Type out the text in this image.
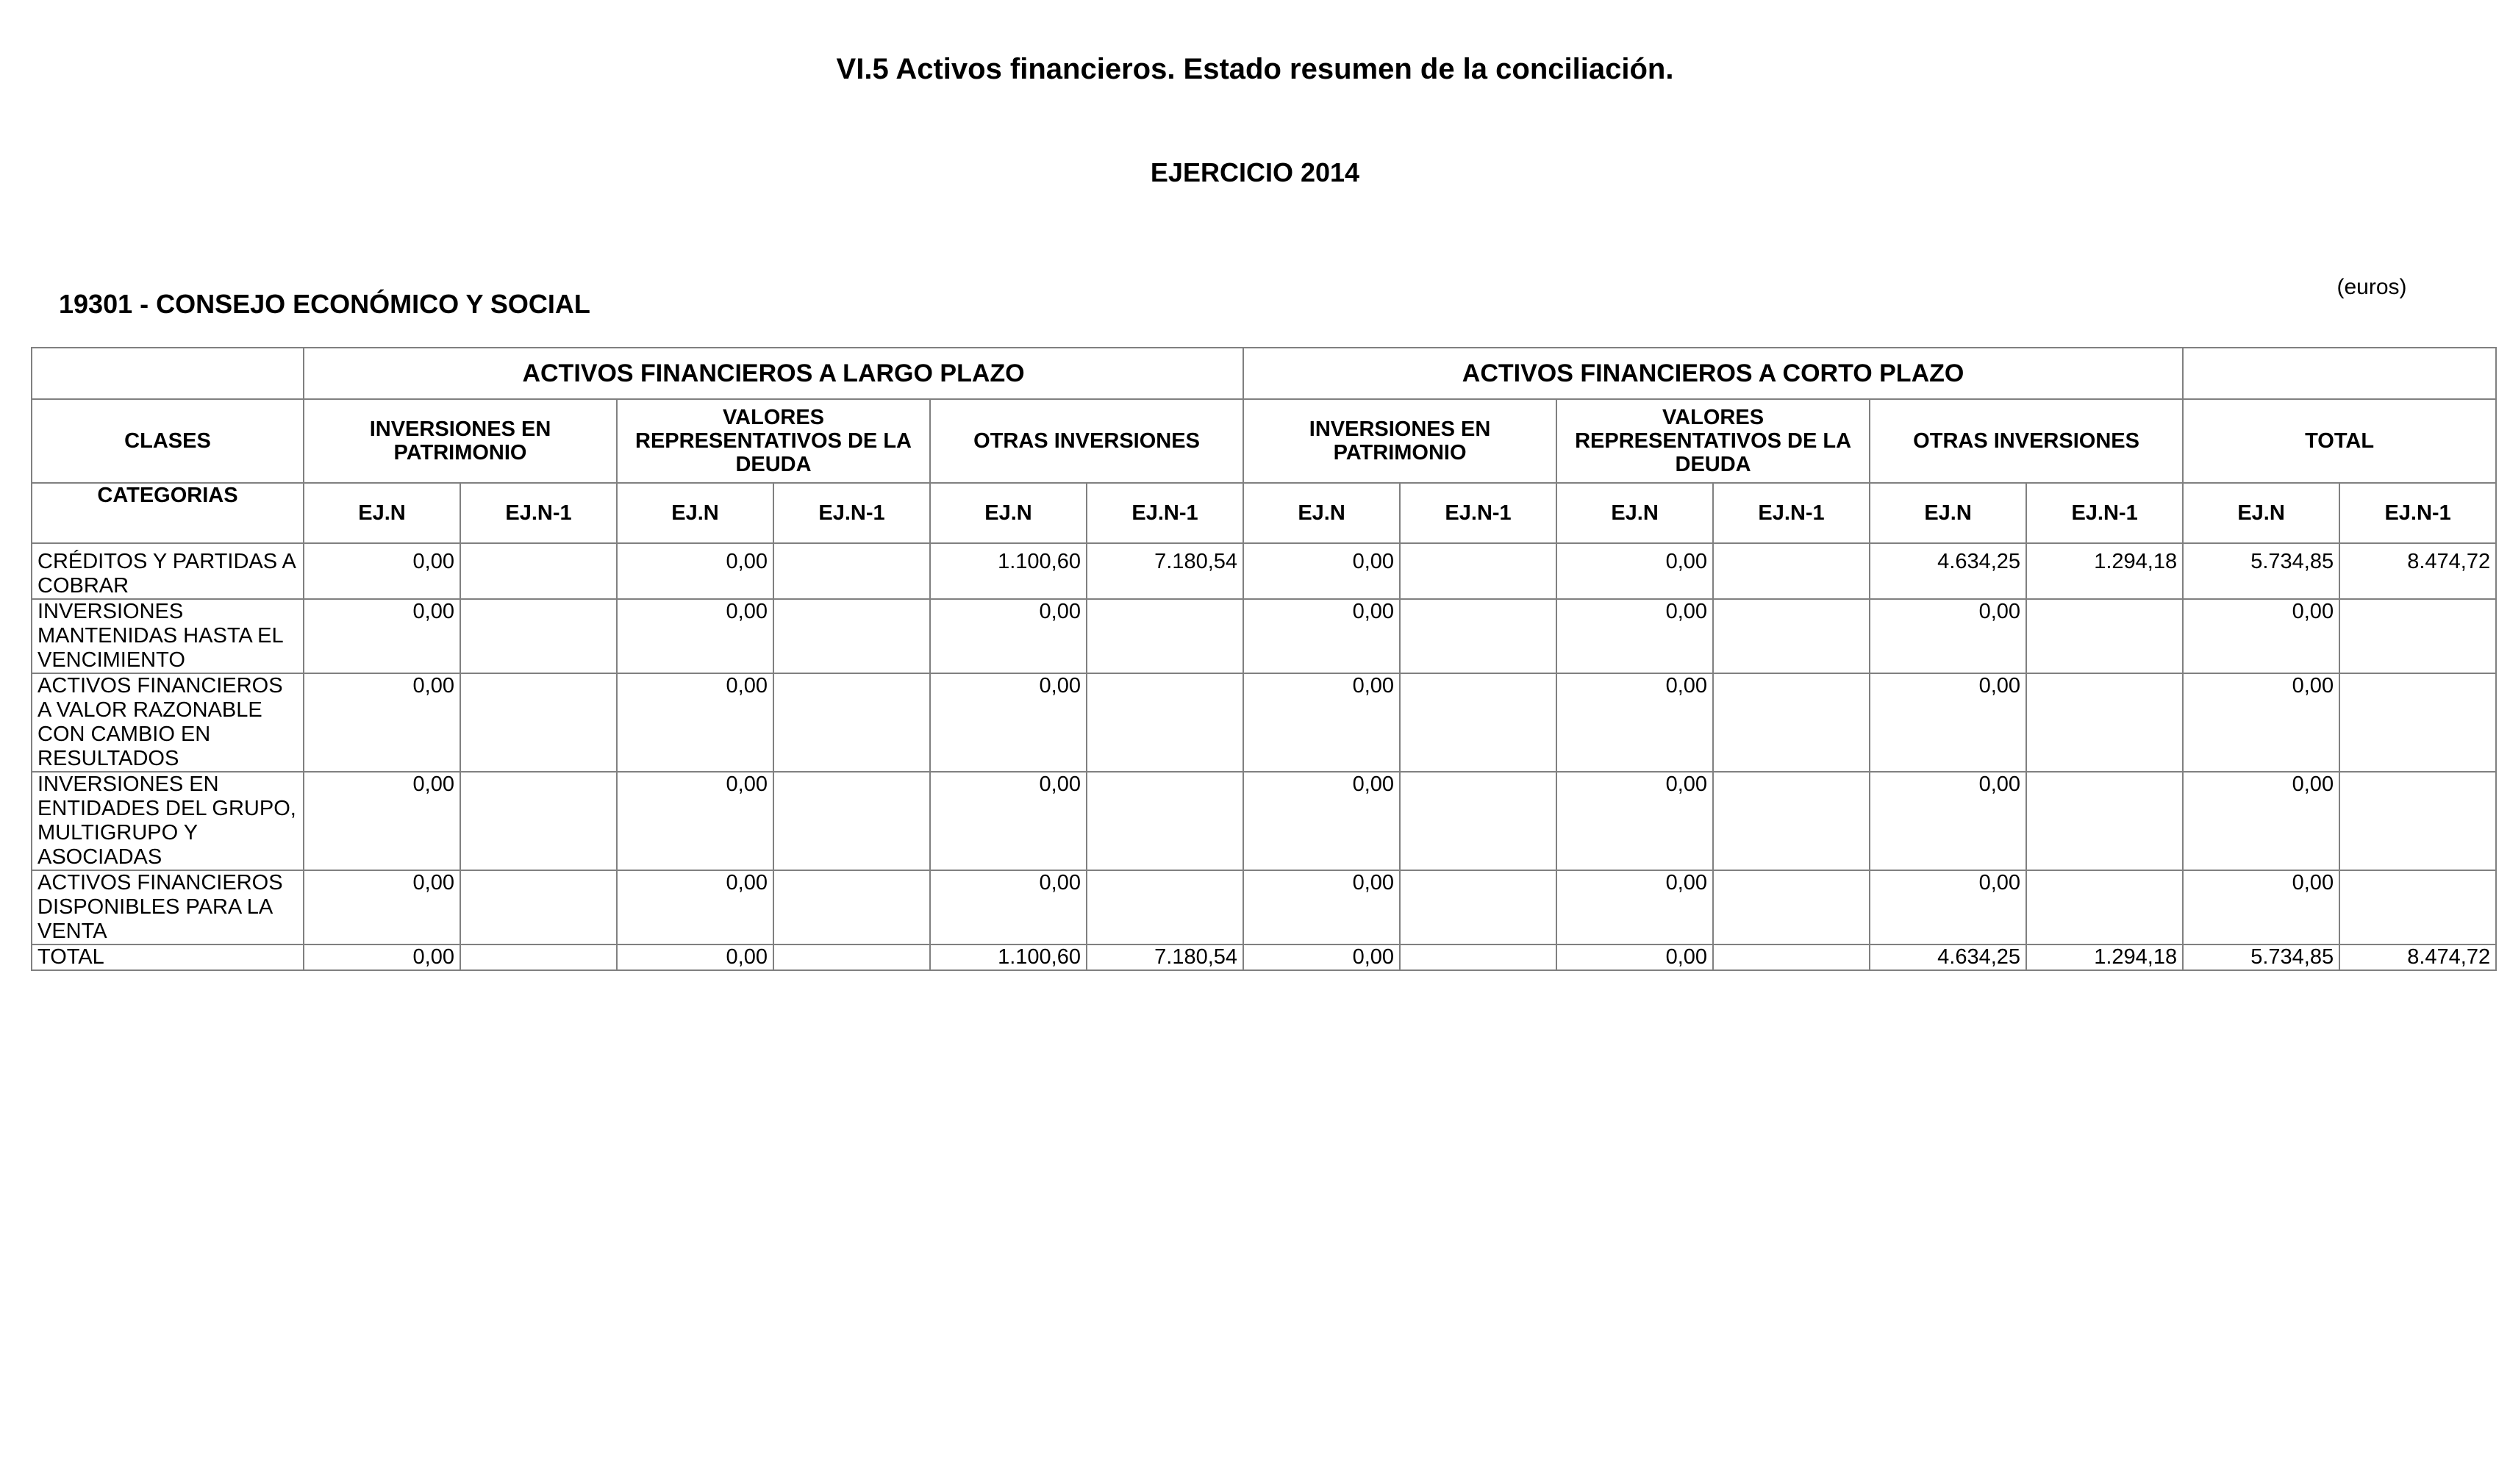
VI.5 Activos financieros. Estado resumen de la conciliación.
EJERCICIO 2014
19301 - CONSEJO ECONÓMICO Y SOCIAL
(euros)
	ACTIVOS FINANCIEROS A LARGO PLAZO						ACTIVOS FINANCIEROS A CORTO PLAZO							
CLASES	INVERSIONES EN PATRIMONIO		VALORES REPRESENTATIVOS DE LA DEUDA		OTRAS INVERSIONES		INVERSIONES EN PATRIMONIO		VALORES REPRESENTATIVOS DE LA DEUDA		OTRAS INVERSIONES		TOTAL	
CATEGORIAS	EJ.N	EJ.N-1	EJ.N	EJ.N-1	EJ.N	EJ.N-1	EJ.N	EJ.N-1	EJ.N	EJ.N-1	EJ.N	EJ.N-1	EJ.N	EJ.N-1
CRÉDITOS Y PARTIDAS A COBRAR	0,00		0,00		1.100,60	7.180,54	0,00		0,00		4.634,25	1.294,18	5.734,85	8.474,72
INVERSIONES MANTENIDAS HASTA EL VENCIMIENTO	0,00		0,00		0,00		0,00		0,00		0,00		0,00	
ACTIVOS FINANCIEROS A VALOR RAZONABLE CON CAMBIO EN RESULTADOS	0,00		0,00		0,00		0,00		0,00		0,00		0,00	
INVERSIONES EN ENTIDADES DEL GRUPO, MULTIGRUPO Y ASOCIADAS	0,00		0,00		0,00		0,00		0,00		0,00		0,00	
ACTIVOS FINANCIEROS DISPONIBLES PARA LA VENTA	0,00		0,00		0,00		0,00		0,00		0,00		0,00	
TOTAL	0,00		0,00		1.100,60	7.180,54	0,00		0,00		4.634,25	1.294,18	5.734,85	8.474,72
